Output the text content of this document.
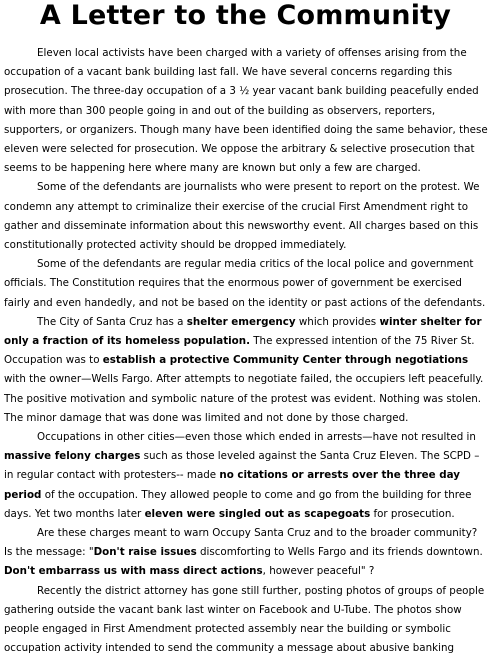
A Letter to the Community

Eleven local activists have been charged with a variety of offenses arising from the occupation of a vacant bank building last fall. We have several concerns regarding this prosecution. The three-day occupation of a 3 ½ year vacant bank building peacefully ended with more than 300 people going in and out of the building as observers, reporters, supporters, or organizers. Though many have been identified doing the same behavior, these eleven were selected for prosecution. We oppose the arbitrary & selective prosecution that seems to be happening here where many are known but only a few are charged.

Some of the defendants are journalists who were present to report on the protest. We condemn any attempt to criminalize their exercise of the crucial First Amendment right to gather and disseminate information about this newsworthy event. All charges based on this constitutionally protected activity should be dropped immediately.

Some of the defendants are regular media critics of the local police and government officials. The Constitution requires that the enormous power of government be exercised fairly and even handedly, and not be based on the identity or past actions of the defendants.

The City of Santa Cruz has a shelter emergency which provides winter shelter for only a fraction of its homeless population. The expressed intention of the 75 River St. Occupation was to establish a protective Community Center through negotiations with the owner—Wells Fargo. After attempts to negotiate failed, the occupiers left peacefully. The positive motivation and symbolic nature of the protest was evident. Nothing was stolen. The minor damage that was done was limited and not done by those charged.

Occupations in other cities—even those which ended in arrests—have not resulted in massive felony charges such as those leveled against the Santa Cruz Eleven. The SCPD – in regular contact with protesters-- made no citations or arrests over the three day period of the occupation. They allowed people to come and go from the building for three days. Yet two months later eleven were singled out as scapegoats for prosecution.

Are these charges meant to warn Occupy Santa Cruz and to the broader community? Is the message: "Don't raise issues discomforting to Wells Fargo and its friends downtown. Don't embarrass us with mass direct actions, however peaceful" ?

Recently the district attorney has gone still further, posting photos of groups of people gathering outside the vacant bank last winter on Facebook and U-Tube. The photos show people engaged in First Amendment protected assembly near the building or symbolic occupation activity intended to send the community a message about abusive banking
